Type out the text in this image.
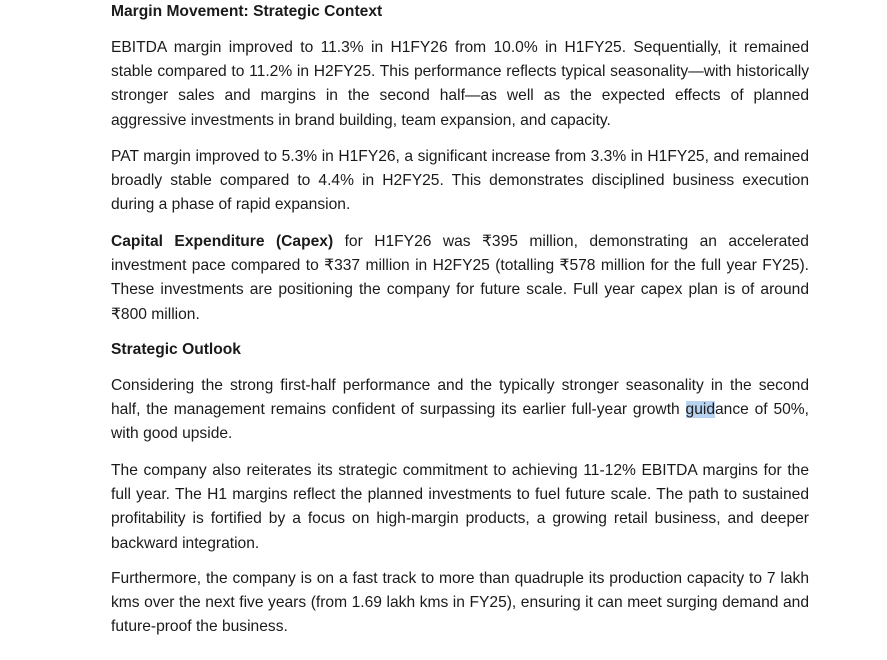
Margin Movement: Strategic Context

EBITDA margin improved to 11.3% in H1FY26 from 10.0% in H1FY25. Sequentially, it remained stable compared to 11.2% in H2FY25. This performance reflects typical seasonality—with historically stronger sales and margins in the second half—as well as the expected effects of planned aggressive investments in brand building, team expansion, and capacity.

PAT margin improved to 5.3% in H1FY26, a significant increase from 3.3% in H1FY25, and remained broadly stable compared to 4.4% in H2FY25. This demonstrates disciplined business execution during a phase of rapid expansion.

Capital Expenditure (Capex) for H1FY26 was ₹395 million, demonstrating an accelerated investment pace compared to ₹337 million in H2FY25 (totalling ₹578 million for the full year FY25). These investments are positioning the company for future scale. Full year capex plan is of around ₹800 million.

Strategic Outlook

Considering the strong first-half performance and the typically stronger seasonality in the second half, the management remains confident of surpassing its earlier full-year growth guidance of 50%, with good upside.

The company also reiterates its strategic commitment to achieving 11-12% EBITDA margins for the full year. The H1 margins reflect the planned investments to fuel future scale. The path to sustained profitability is fortified by a focus on high-margin products, a growing retail business, and deeper backward integration.

Furthermore, the company is on a fast track to more than quadruple its production capacity to 7 lakh kms over the next five years (from 1.69 lakh kms in FY25), ensuring it can meet surging demand and future-proof the business.
